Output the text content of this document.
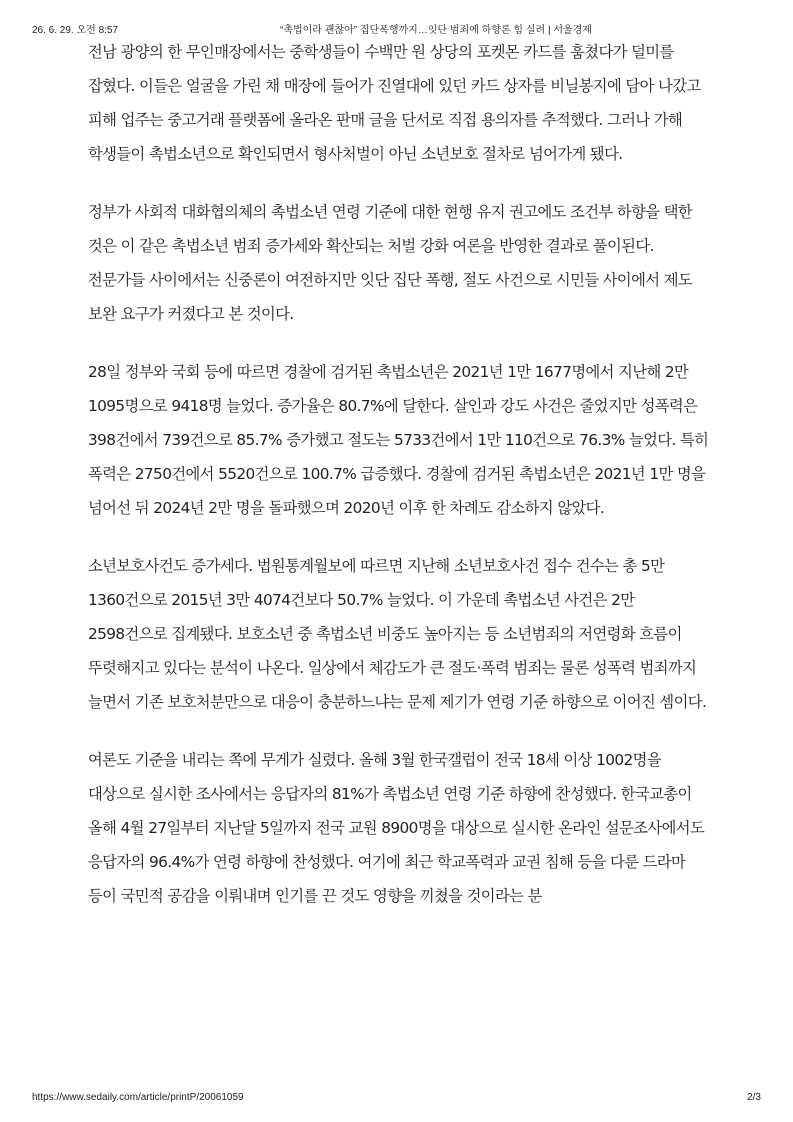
26. 6. 29. 오전 8:57	“촉법이라 괜찮아” 집단폭행까지…잇단 범죄에 하향론 힘 실려 | 서울경제

전남 광양의 한 무인매장에서는 중학생들이 수백만 원 상당의 포켓몬 카드를 훔쳤다가 덜미를 잡혔다. 이들은 얼굴을 가린 채 매장에 들어가 진열대에 있던 카드 상자를 비닐봉지에 담아 나갔고 피해 업주는 중고거래 플랫폼에 올라온 판매 글을 단서로 직접 용의자를 추적했다. 그러나 가해 학생들이 촉법소년으로 확인되면서 형사처벌이 아닌 소년보호 절차로 넘어가게 됐다.

정부가 사회적 대화협의체의 촉법소년 연령 기준에 대한 현행 유지 권고에도 조건부 하향을 택한 것은 이 같은 촉법소년 범죄 증가세와 확산되는 처벌 강화 여론을 반영한 결과로 풀이된다. 전문가들 사이에서는 신중론이 여전하지만 잇단 집단 폭행, 절도 사건으로 시민들 사이에서 제도 보완 요구가 커졌다고 본 것이다.

28일 정부와 국회 등에 따르면 경찰에 검거된 촉법소년은 2021년 1만 1677명에서 지난해 2만 1095명으로 9418명 늘었다. 증가율은 80.7%에 달한다. 살인과 강도 사건은 줄었지만 성폭력은 398건에서 739건으로 85.7% 증가했고 절도는 5733건에서 1만 110건으로 76.3% 늘었다. 특히 폭력은 2750건에서 5520건으로 100.7% 급증했다. 경찰에 검거된 촉법소년은 2021년 1만 명을 넘어선 뒤 2024년 2만 명을 돌파했으며 2020년 이후 한 차례도 감소하지 않았다.

소년보호사건도 증가세다. 법원통계월보에 따르면 지난해 소년보호사건 접수 건수는 총 5만 1360건으로 2015년 3만 4074건보다 50.7% 늘었다. 이 가운데 촉법소년 사건은 2만 2598건으로 집계됐다. 보호소년 중 촉법소년 비중도 높아지는 등 소년범죄의 저연령화 흐름이 뚜렷해지고 있다는 분석이 나온다. 일상에서 체감도가 큰 절도·폭력 범죄는 물론 성폭력 범죄까지 늘면서 기존 보호처분만으로 대응이 충분하느냐는 문제 제기가 연령 기준 하향으로 이어진 셈이다.

여론도 기준을 내리는 쪽에 무게가 실렸다. 올해 3월 한국갤럽이 전국 18세 이상 1002명을 대상으로 실시한 조사에서는 응답자의 81%가 촉법소년 연령 기준 하향에 찬성했다. 한국교총이 올해 4월 27일부터 지난달 5일까지 전국 교원 8900명을 대상으로 실시한 온라인 설문조사에서도 응답자의 96.4%가 연령 하향에 찬성했다. 여기에 최근 학교폭력과 교권 침해 등을 다룬 드라마 등이 국민적 공감을 이뤄내며 인기를 끈 것도 영향을 끼쳤을 것이라는 분

https://www.sedaily.com/article/printP/20061059	2/3
